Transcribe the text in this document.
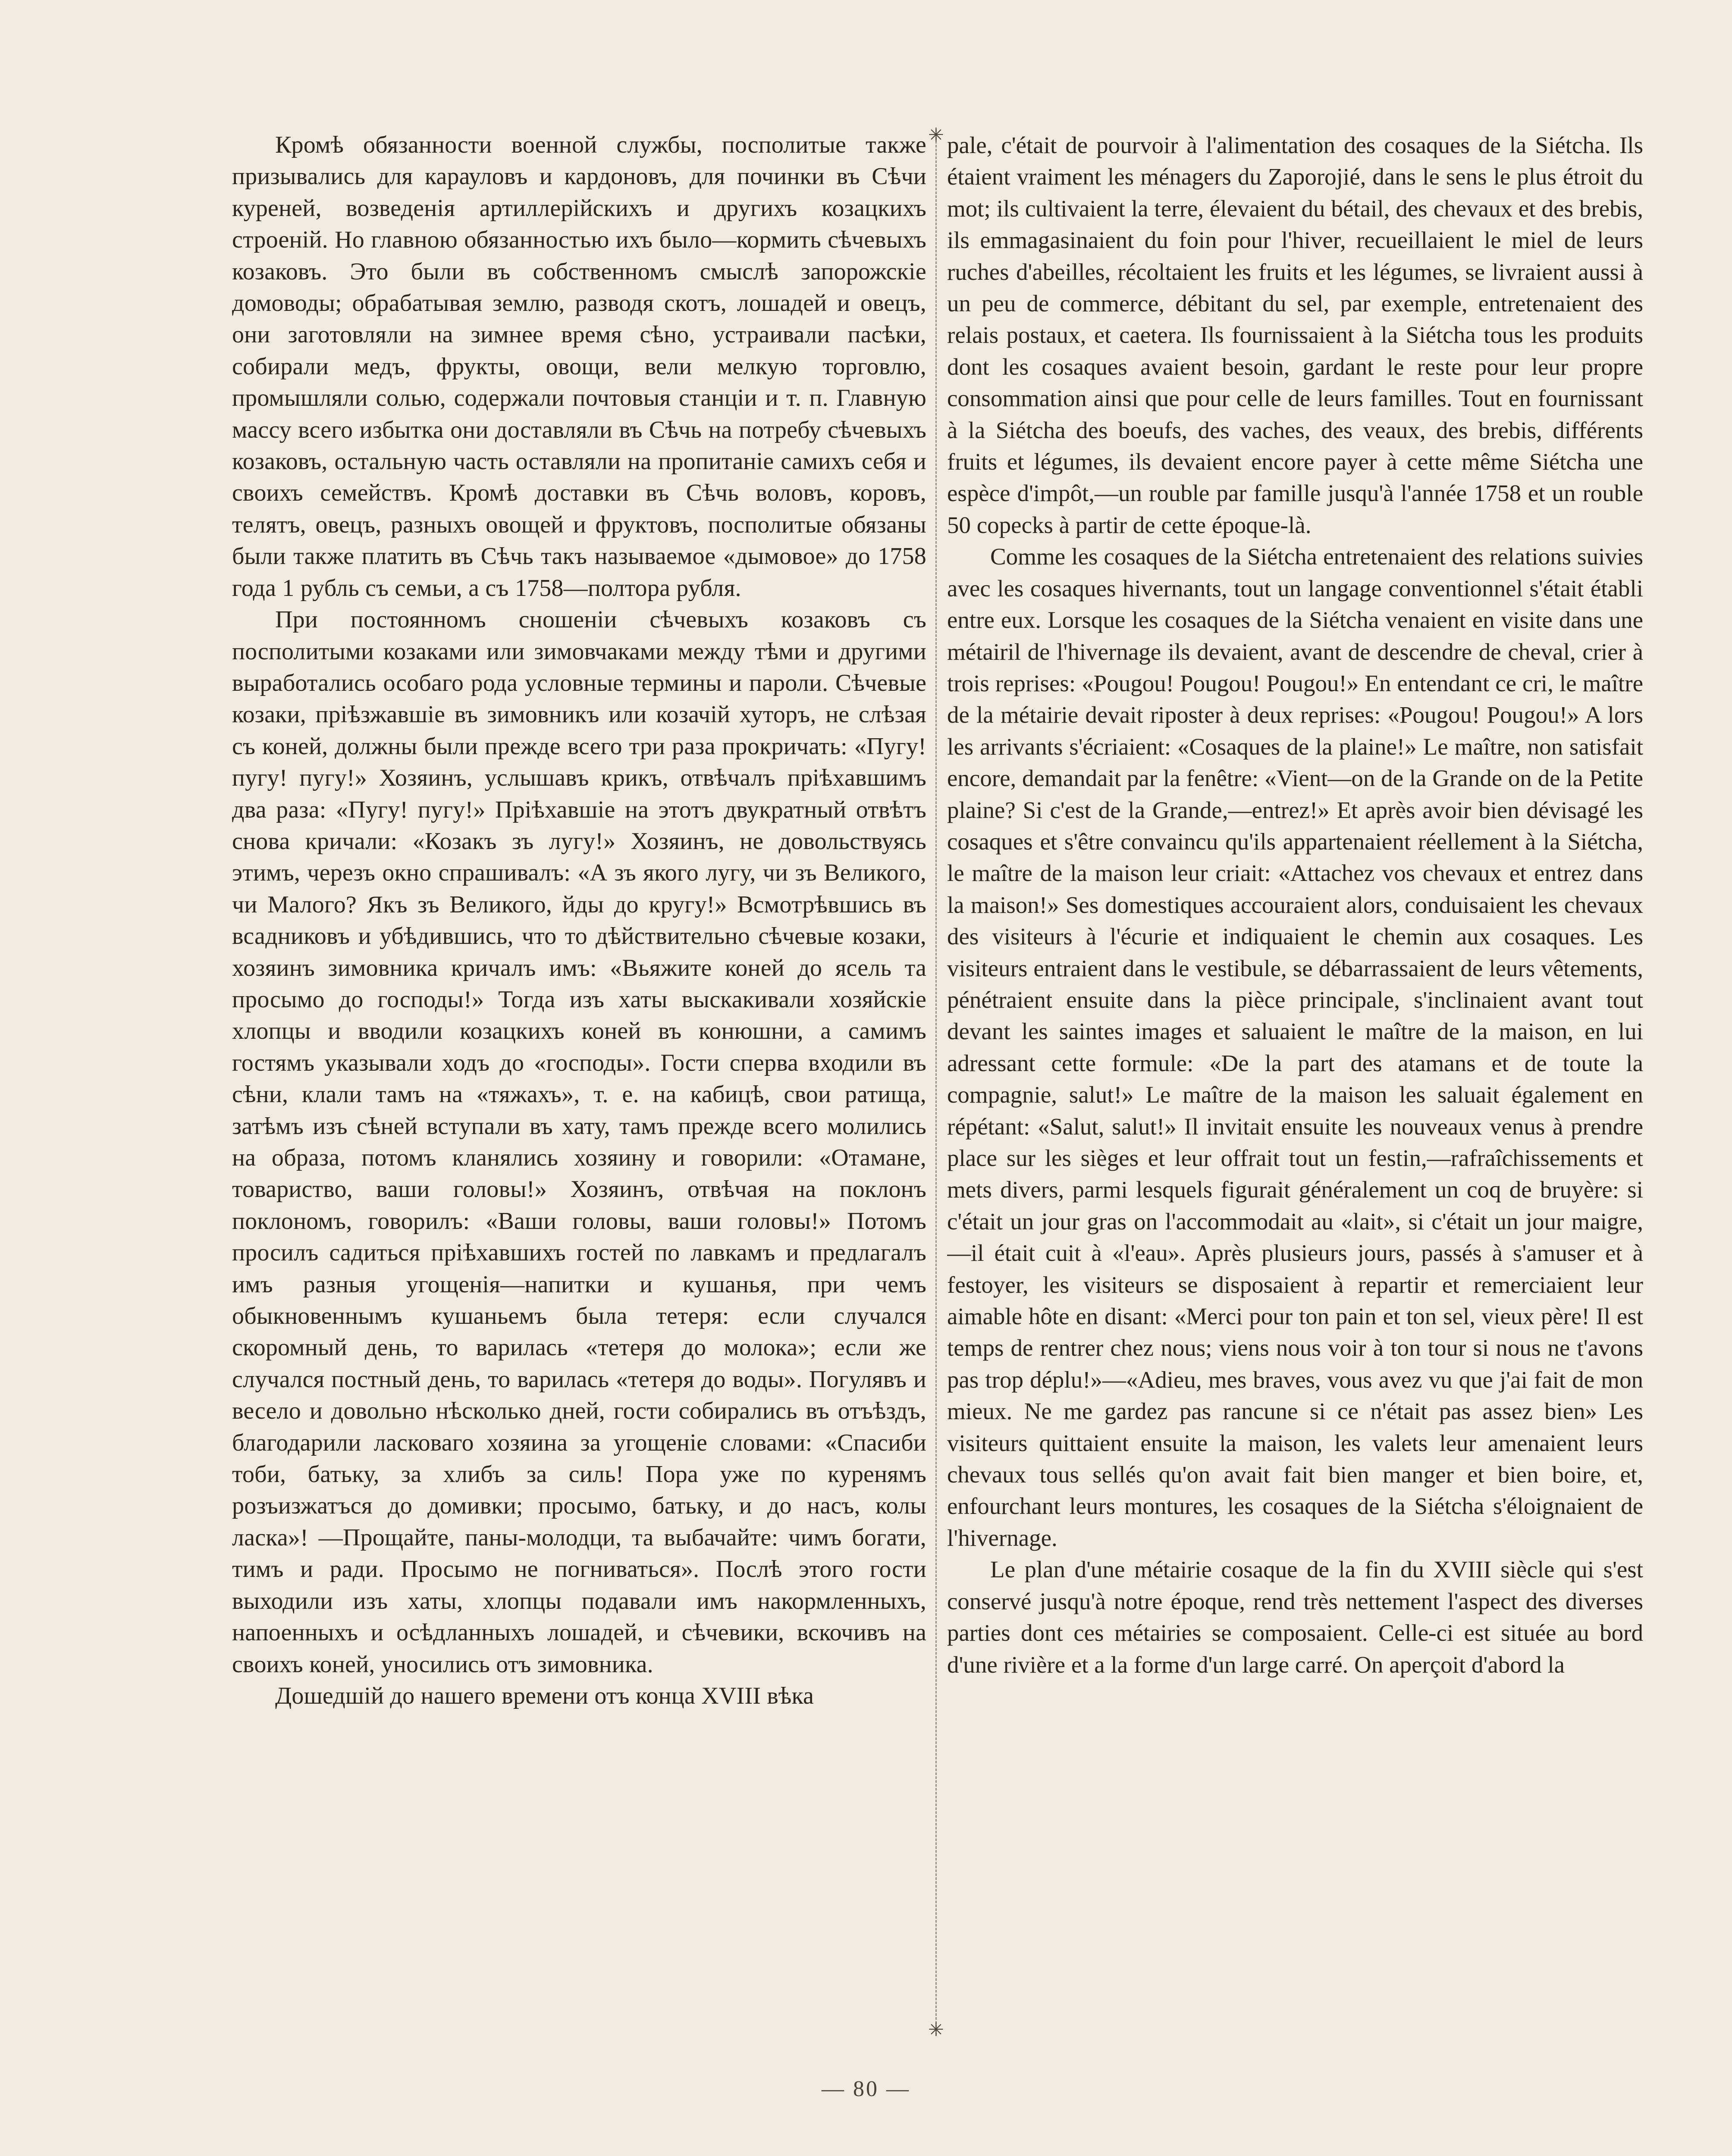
Кромѣ обязанности военной службы, посполитые также призывались для карауловъ и кардоновъ, для починки въ Сѣчи куреней, возведенія артиллерійскихъ и другихъ козацкихъ строеній. Но главною обязанностью ихъ было—кормить сѣчевыхъ козаковъ. Это были въ собственномъ смыслѣ запорожскіе домоводы; обрабатывая землю, разводя скотъ, лошадей и овецъ, они заготовляли на зимнее время сѣно, устраивали пасѣки, собирали медъ, фрукты, овощи, вели мелкую торговлю, промышляли солью, содержали почтовыя станціи и т. п. Главную массу всего избытка они доставляли въ Сѣчь на потребу сѣчевыхъ козаковъ, остальную часть оставляли на пропитаніе самихъ себя и своихъ семействъ. Кромѣ доставки въ Сѣчь воловъ, коровъ, телятъ, овецъ, разныхъ овощей и фруктовъ, посполитые обязаны были также платить въ Сѣчь такъ называемое «дымовое» до 1758 года 1 рубль съ семьи, а съ 1758—полтора рубля.

При постоянномъ сношеніи сѣчевыхъ козаковъ съ посполитыми козаками или зимовчаками между тѣми и другими выработались особаго рода условные термины и пароли. Сѣчевые козаки, пріѣзжавшіе въ зимовникъ или козачій хуторъ, не слѣзая съ коней, должны были прежде всего три раза прокричать: «Пугу! пугу! пугу!» Хозяинъ, услышавъ крикъ, отвѣчалъ пріѣхавшимъ два раза: «Пугу! пугу!» Пріѣхавшіе на этотъ двукратный отвѣтъ снова кричали: «Козакъ зъ лугу!» Хозяинъ, не довольствуясь этимъ, черезъ окно спрашивалъ: «А зъ якого лугу, чи зъ Великого, чи Малого? Якъ зъ Великого, йды до кругу!» Всмотрѣвшись въ всадниковъ и убѣдившись, что то дѣйствительно сѣчевые козаки, хозяинъ зимовника кричалъ имъ: «Вьяжите коней до ясель та просымо до господы!» Тогда изъ хаты выскакивали хозяйскіе хлопцы и вводили козацкихъ коней въ конюшни, а самимъ гостямъ указывали ходъ до «господы». Гости сперва входили въ сѣни, клали тамъ на «тяжахъ», т. е. на кабицѣ, свои ратища, затѣмъ изъ сѣней вступали въ хату, тамъ прежде всего молились на образа, потомъ кланялись хозяину и говорили: «Отамане, товариство, ваши головы!» Хозяинъ, отвѣчая на поклонъ поклономъ, говорилъ: «Ваши головы, ваши головы!» Потомъ просилъ садиться пріѣхавшихъ гостей по лавкамъ и предлагалъ имъ разныя угощенія—напитки и кушанья, при чемъ обыкновеннымъ кушаньемъ была тетеря: если случался скоромный день, то варилась «тетеря до молока»; если же случался постный день, то варилась «тетеря до воды». Погулявъ и весело и довольно нѣсколько дней, гости собирались въ отъѣздъ, благодарили ласковаго хозяина за угощеніе словами: «Спасиби тоби, батьку, за хлибъ за силь! Пора уже по куренямъ розъизжатъся до домивки; просымо, батьку, и до насъ, колы ласка»! —Прощайте, паны-молодци, та выбачайте: чимъ богати, тимъ и ради. Просымо не погниваться». Послѣ этого гости выходили изъ хаты, хлопцы подавали имъ накормленныхъ, напоенныхъ и осѣдланныхъ лошадей, и сѣчевики, вскочивъ на своихъ коней, уносились отъ зимовника.

Дошедшій до нашего времени отъ конца XVIII вѣка

✳
✳

pale, c'était de pourvoir à l'alimentation des cosaques de la Siétcha. Ils étaient vraiment les ménagers du Zaporojié, dans le sens le plus étroit du mot; ils cultivaient la terre, élevaient du bétail, des chevaux et des brebis, ils emmagasinaient du foin pour l'hiver, recueillaient le miel de leurs ruches d'abeilles, récoltaient les fruits et les légumes, se livraient aussi à un peu de commerce, débitant du sel, par exemple, entretenaient des relais postaux, et caetera. Ils fournissaient à la Siétcha tous les produits dont les cosaques avaient besoin, gardant le reste pour leur propre consommation ainsi que pour celle de leurs familles. Tout en fournissant à la Siétcha des boeufs, des vaches, des veaux, des brebis, différents fruits et légumes, ils devaient encore payer à cette même Siétcha une espèce d'impôt,—un rouble par famille jusqu'à l'année 1758 et un rouble 50 copecks à partir de cette époque-là.

Comme les cosaques de la Siétcha entretenaient des relations suivies avec les cosaques hivernants, tout un langage conventionnel s'était établi entre eux. Lorsque les cosaques de la Siétcha venaient en visite dans une métairil de l'hivernage ils devaient, avant de descendre de cheval, crier à trois reprises: «Pougou! Pougou! Pougou!» En entendant ce cri, le maître de la métairie devait riposter à deux reprises: «Pougou! Pougou!» A lors les arrivants s'écriaient: «Cosaques de la plaine!» Le maître, non satisfait encore, demandait par la fenêtre: «Vient—on de la Grande on de la Petite plaine? Si c'est de la Grande,—entrez!» Et après avoir bien dévisagé les cosaques et s'être convaincu qu'ils appartenaient réellement à la Siétcha, le maître de la maison leur criait: «Attachez vos chevaux et entrez dans la maison!» Ses domestiques accouraient alors, conduisaient les chevaux des visiteurs à l'écurie et indiquaient le chemin aux cosaques. Les visiteurs entraient dans le vestibule, se débarrassaient de leurs vêtements, pénétraient ensuite dans la pièce principale, s'inclinaient avant tout devant les saintes images et saluaient le maître de la maison, en lui adressant cette formule: «De la part des atamans et de toute la compagnie, salut!» Le maître de la maison les saluait également en répétant: «Salut, salut!» Il invitait ensuite les nouveaux venus à prendre place sur les sièges et leur offrait tout un festin,—rafraîchissements et mets divers, parmi lesquels figurait généralement un coq de bruyère: si c'était un jour gras on l'accommodait au «lait», si c'était un jour maigre,—il était cuit à «l'eau». Après plusieurs jours, passés à s'amuser et à festoyer, les visiteurs se disposaient à repartir et remerciaient leur aimable hôte en disant: «Merci pour ton pain et ton sel, vieux père! Il est temps de rentrer chez nous; viens nous voir à ton tour si nous ne t'avons pas trop déplu!»—«Adieu, mes braves, vous avez vu que j'ai fait de mon mieux. Ne me gardez pas rancune si ce n'était pas assez bien» Les visiteurs quittaient ensuite la maison, les valets leur amenaient leurs chevaux tous sellés qu'on avait fait bien manger et bien boire, et, enfourchant leurs montures, les cosaques de la Siétcha s'éloignaient de l'hivernage.

Le plan d'une métairie cosaque de la fin du XVIII siècle qui s'est conservé jusqu'à notre époque, rend très nettement l'aspect des diverses parties dont ces métairies se composaient. Celle-ci est située au bord d'une rivière et a la forme d'un large carré. On aperçoit d'abord la

— 80 —
